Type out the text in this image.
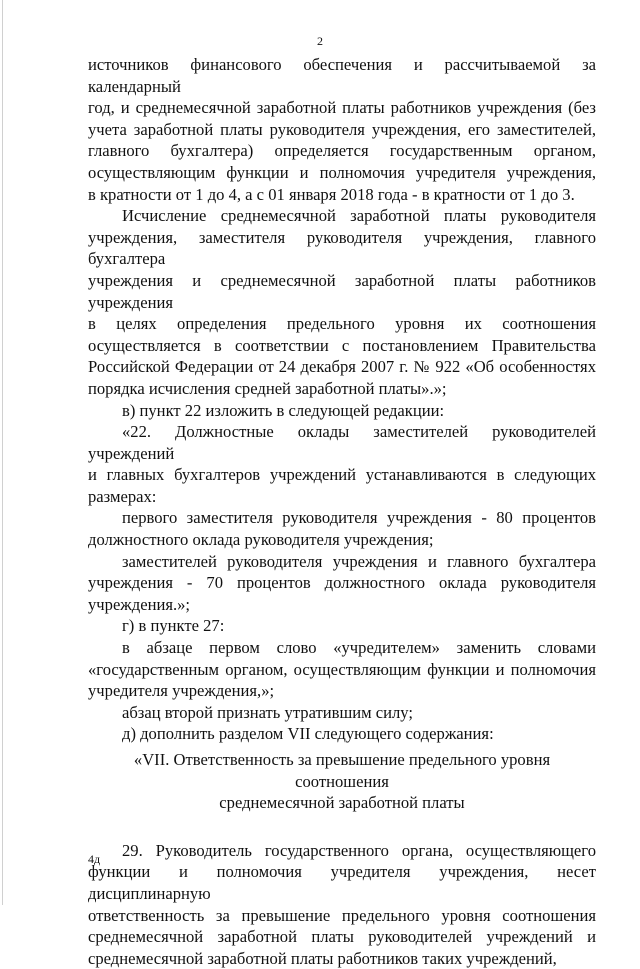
2
источников финансового обеспечения и рассчитываемой за календарный
год, и среднемесячной заработной платы работников учреждения (без
учета заработной платы руководителя учреждения, его заместителей,
главного бухгалтера) определяется государственным органом,
осуществляющим функции и полномочия учредителя учреждения,
в кратности от 1 до 4, а с 01 января 2018 года - в кратности от 1 до 3.
Исчисление среднемесячной заработной платы руководителя
учреждения, заместителя руководителя учреждения, главного бухгалтера
учреждения и среднемесячной заработной платы работников учреждения
в целях определения предельного уровня их соотношения
осуществляется в соответствии с постановлением Правительства
Российской Федерации от 24 декабря 2007 г. № 922 «Об особенностях
порядка исчисления средней заработной платы».»;
в) пункт 22 изложить в следующей редакции:
«22. Должностные оклады заместителей руководителей учреждений
и главных бухгалтеров учреждений устанавливаются в следующих
размерах:
первого заместителя руководителя учреждения - 80 процентов
должностного оклада руководителя учреждения;
заместителей руководителя учреждения и главного бухгалтера
учреждения - 70 процентов должностного оклада руководителя
учреждения.»;
г) в пункте 27:
в абзаце первом слово «учредителем» заменить словами
«государственным органом, осуществляющим функции и полномочия
учредителя учреждения,»;
абзац второй признать утратившим силу;
д) дополнить разделом VII следующего содержания:
«VII. Ответственность за превышение предельного уровня соотношения
среднемесячной заработной платы
29. Руководитель государственного органа, осуществляющего
функции и полномочия учредителя учреждения, несет дисциплинарную
ответственность за превышение предельного уровня соотношения
среднемесячной заработной платы руководителей учреждений и
среднемесячной заработной платы работников таких учреждений,
4д
